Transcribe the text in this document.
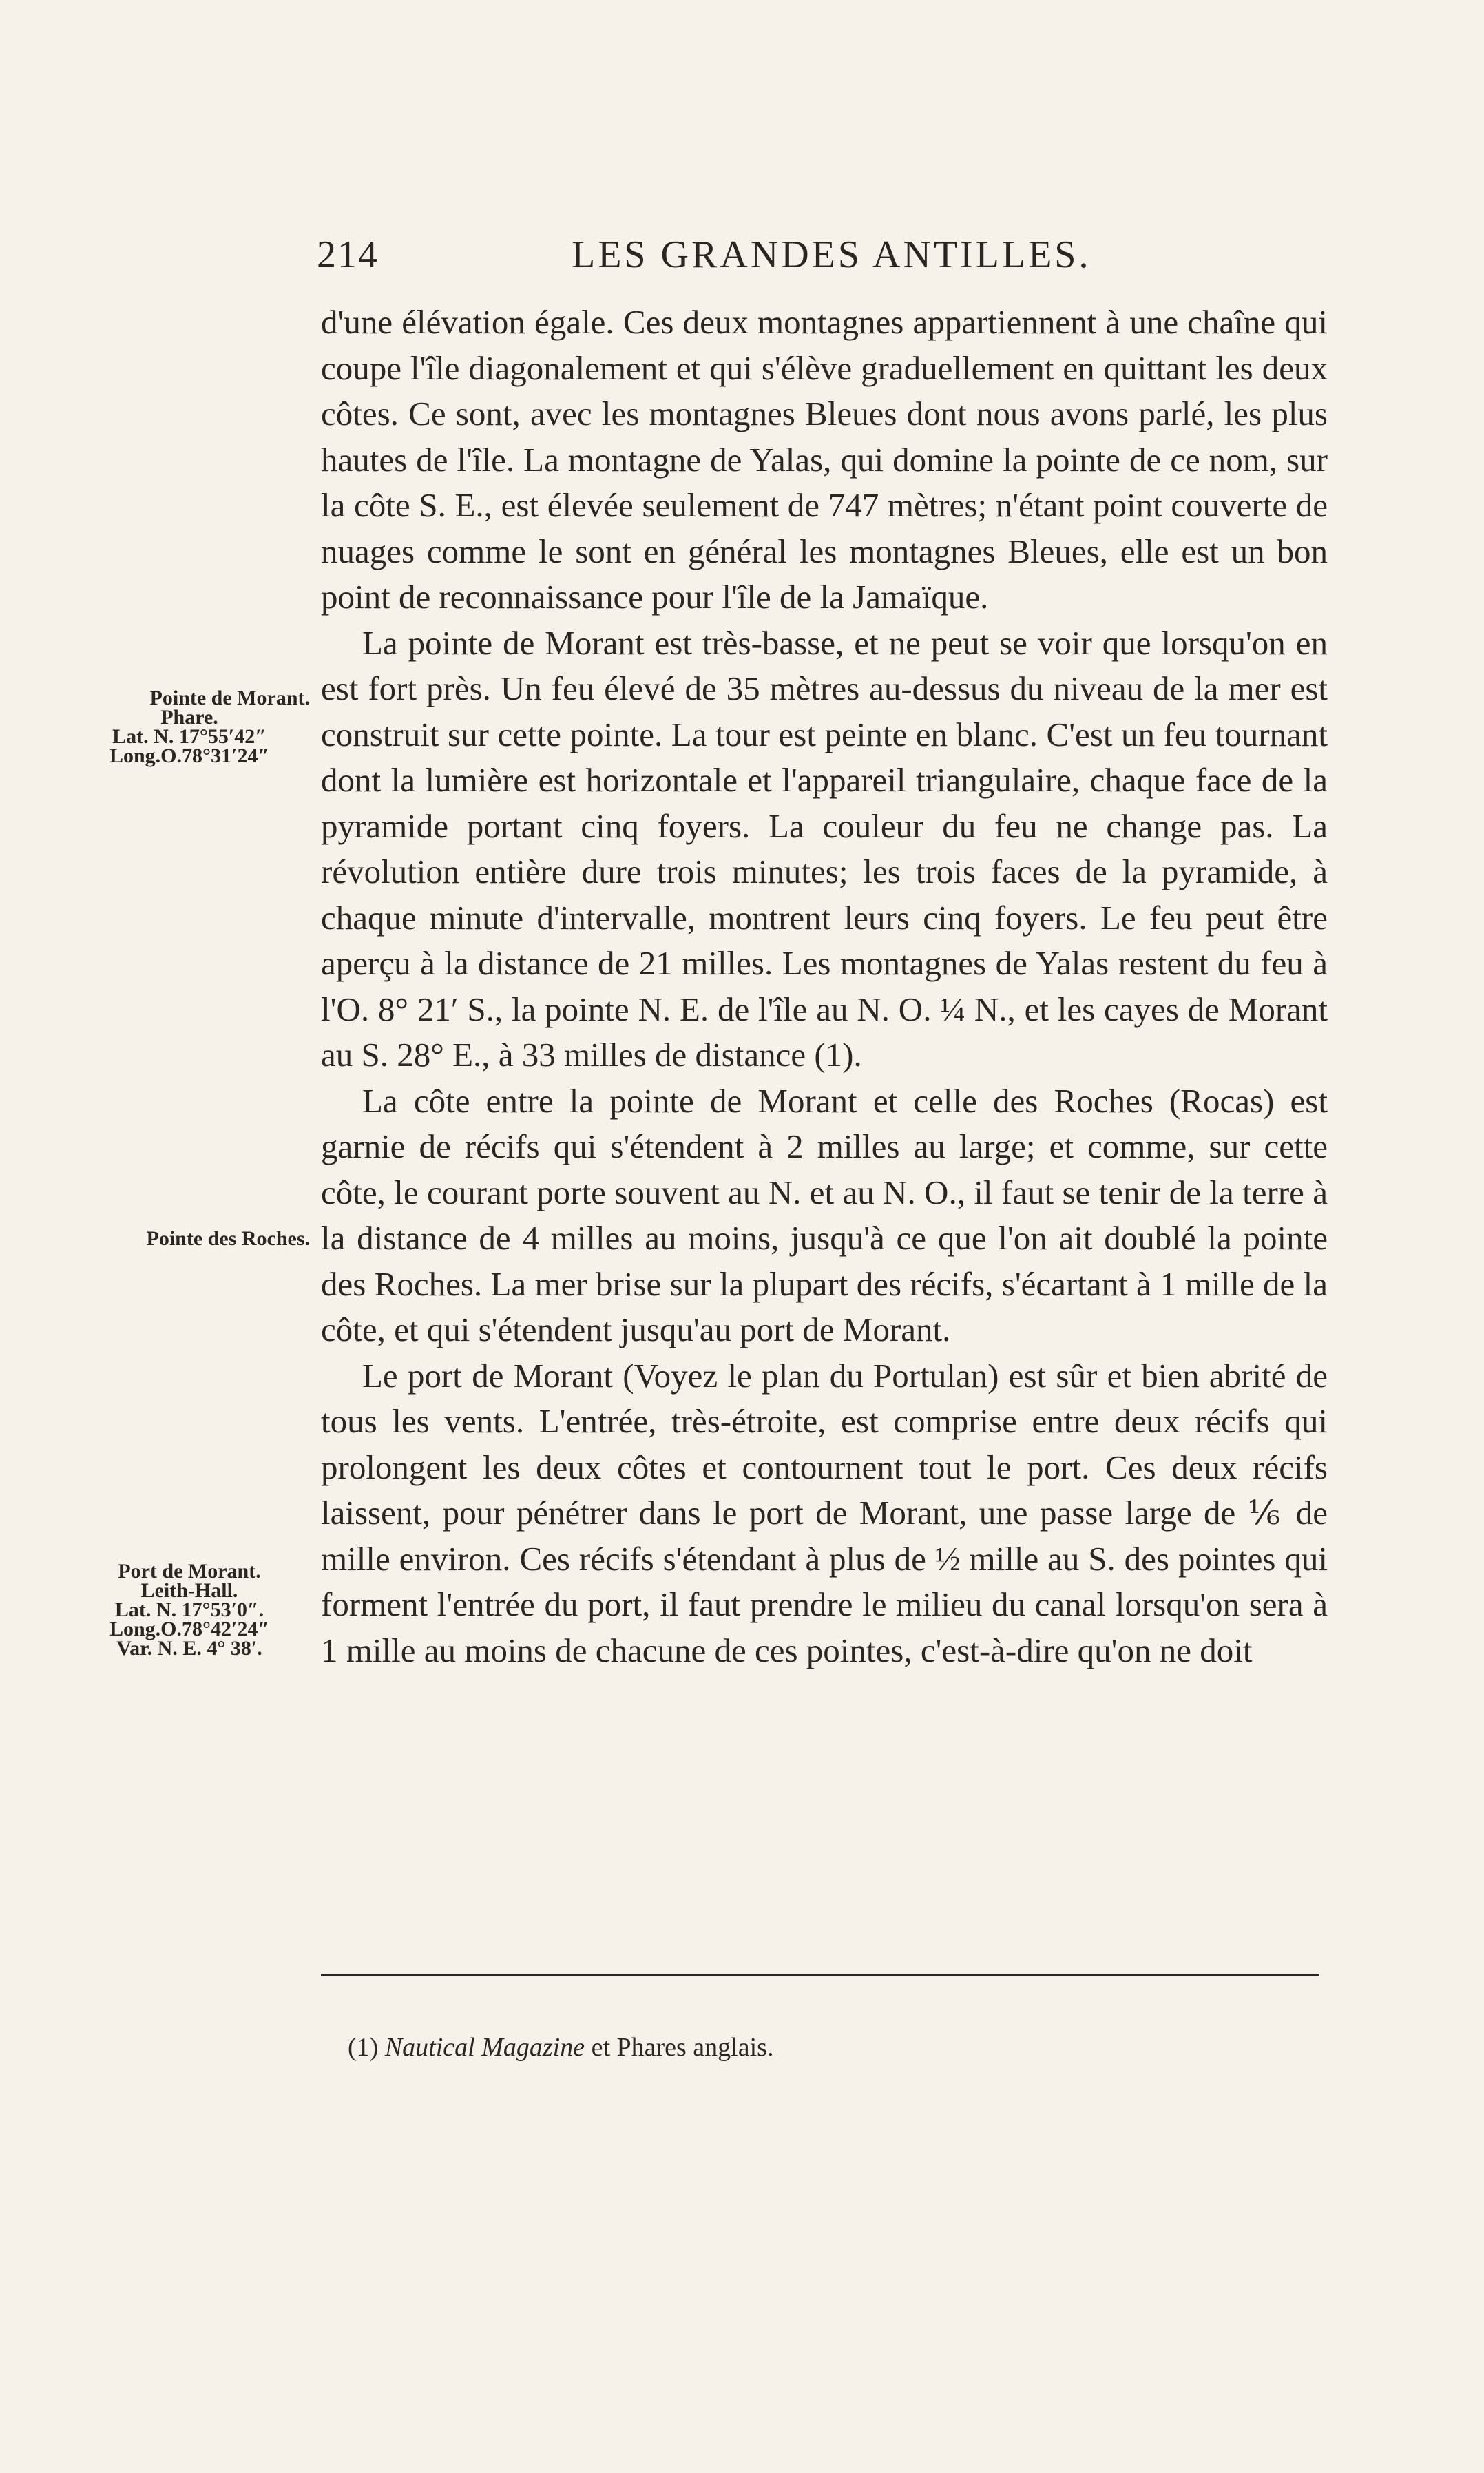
214	LES GRANDES ANTILLES.
Pointe de Morant.
Phare.
Lat. N. 17°55′42″
Long.O.78°31′24″
Pointe des Roches.
Port de Morant.
Leith-Hall.
Lat. N. 17°53′0″.
Long.O.78°42′24″
Var. N. E. 4° 38′.

d'une élévation égale. Ces deux montagnes appartiennent à une chaîne qui coupe l'île diagonalement et qui s'élève graduellement en quittant les deux côtes. Ce sont, avec les montagnes Bleues dont nous avons parlé, les plus hautes de l'île. La montagne de Yalas, qui domine la pointe de ce nom, sur la côte S. E., est élevée seulement de 747 mètres; n'étant point couverte de nuages comme le sont en général les montagnes Bleues, elle est un bon point de reconnaissance pour l'île de la Jamaïque.

La pointe de Morant est très-basse, et ne peut se voir que lorsqu'on en est fort près. Un feu élevé de 35 mètres au-dessus du niveau de la mer est construit sur cette pointe. La tour est peinte en blanc. C'est un feu tournant dont la lumière est horizontale et l'appareil triangulaire, chaque face de la pyramide portant cinq foyers. La couleur du feu ne change pas. La révolution entière dure trois minutes; les trois faces de la pyramide, à chaque minute d'intervalle, montrent leurs cinq foyers. Le feu peut être aperçu à la distance de 21 milles. Les montagnes de Yalas restent du feu à l'O. 8° 21′ S., la pointe N. E. de l'île au N. O. ¼ N., et les cayes de Morant au S. 28° E., à 33 milles de distance (1).

La côte entre la pointe de Morant et celle des Roches (Rocas) est garnie de récifs qui s'étendent à 2 milles au large; et comme, sur cette côte, le courant porte souvent au N. et au N. O., il faut se tenir de la terre à la distance de 4 milles au moins, jusqu'à ce que l'on ait doublé la pointe des Roches. La mer brise sur la plupart des récifs, s'écartant à 1 mille de la côte, et qui s'étendent jusqu'au port de Morant.

Le port de Morant (Voyez le plan du Portulan) est sûr et bien abrité de tous les vents. L'entrée, très-étroite, est comprise entre deux récifs qui prolongent les deux côtes et contournent tout le port. Ces deux récifs laissent, pour pénétrer dans le port de Morant, une passe large de ⅙ de mille environ. Ces récifs s'étendant à plus de ½ mille au S. des pointes qui forment l'entrée du port, il faut prendre le milieu du canal lorsqu'on sera à 1 mille au moins de chacune de ces pointes, c'est-à-dire qu'on ne doit

(1) Nautical Magazine et Phares anglais.
